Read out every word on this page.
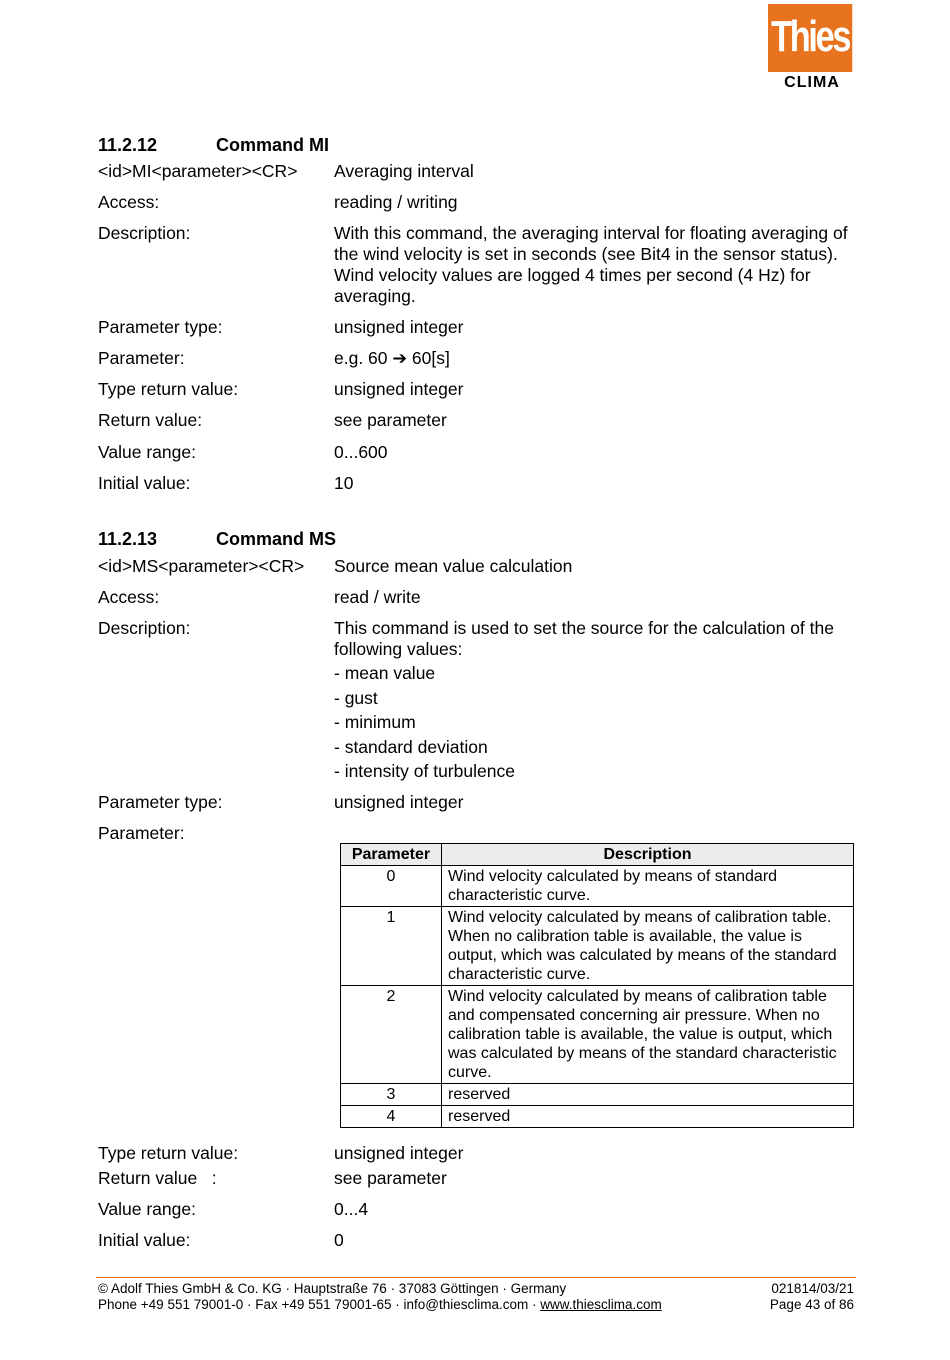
Thies
CLIMA
11.2.12	Command MI
<id>MI<parameter><CR>	Averaging interval
Access:	reading / writing
Description:	With this command, the averaging interval for floating averaging of the wind velocity is set in seconds (see Bit4 in the sensor status). Wind velocity values are logged 4 times per second (4 Hz) for averaging.
Parameter type:	unsigned integer
Parameter:	e.g. 60 ➔ 60[s]
Type return value:	unsigned integer
Return value:	see parameter
Value range:	0...600
Initial value:	10
11.2.13	Command MS
<id>MS<parameter><CR>	Source mean value calculation
Access:	read / write
Description:	This command is used to set the source for the calculation of the following values:
- mean value
- gust
- minimum
- standard deviation
- intensity of turbulence
Parameter type:	unsigned integer
Parameter:
Parameter	Description
0	Wind velocity calculated by means of standard characteristic curve.
1	Wind velocity calculated by means of calibration table. When no calibration table is available, the value is output, which was calculated by means of the standard characteristic curve.
2	Wind velocity calculated by means of calibration table and compensated concerning air pressure. When no calibration table is available, the value is output, which was calculated by means of the standard characteristic curve.
3	reserved
4	reserved
Type return value:	unsigned integer
Return value   :	see parameter
Value range:	0...4
Initial value:	0
© Adolf Thies GmbH & Co. KG · Hauptstraße 76 · 37083 Göttingen · Germany
Phone +49 551 79001-0 · Fax +49 551 79001-65 · info@thiesclima.com · www.thiesclima.com
021814/03/21
Page 43 of 86
